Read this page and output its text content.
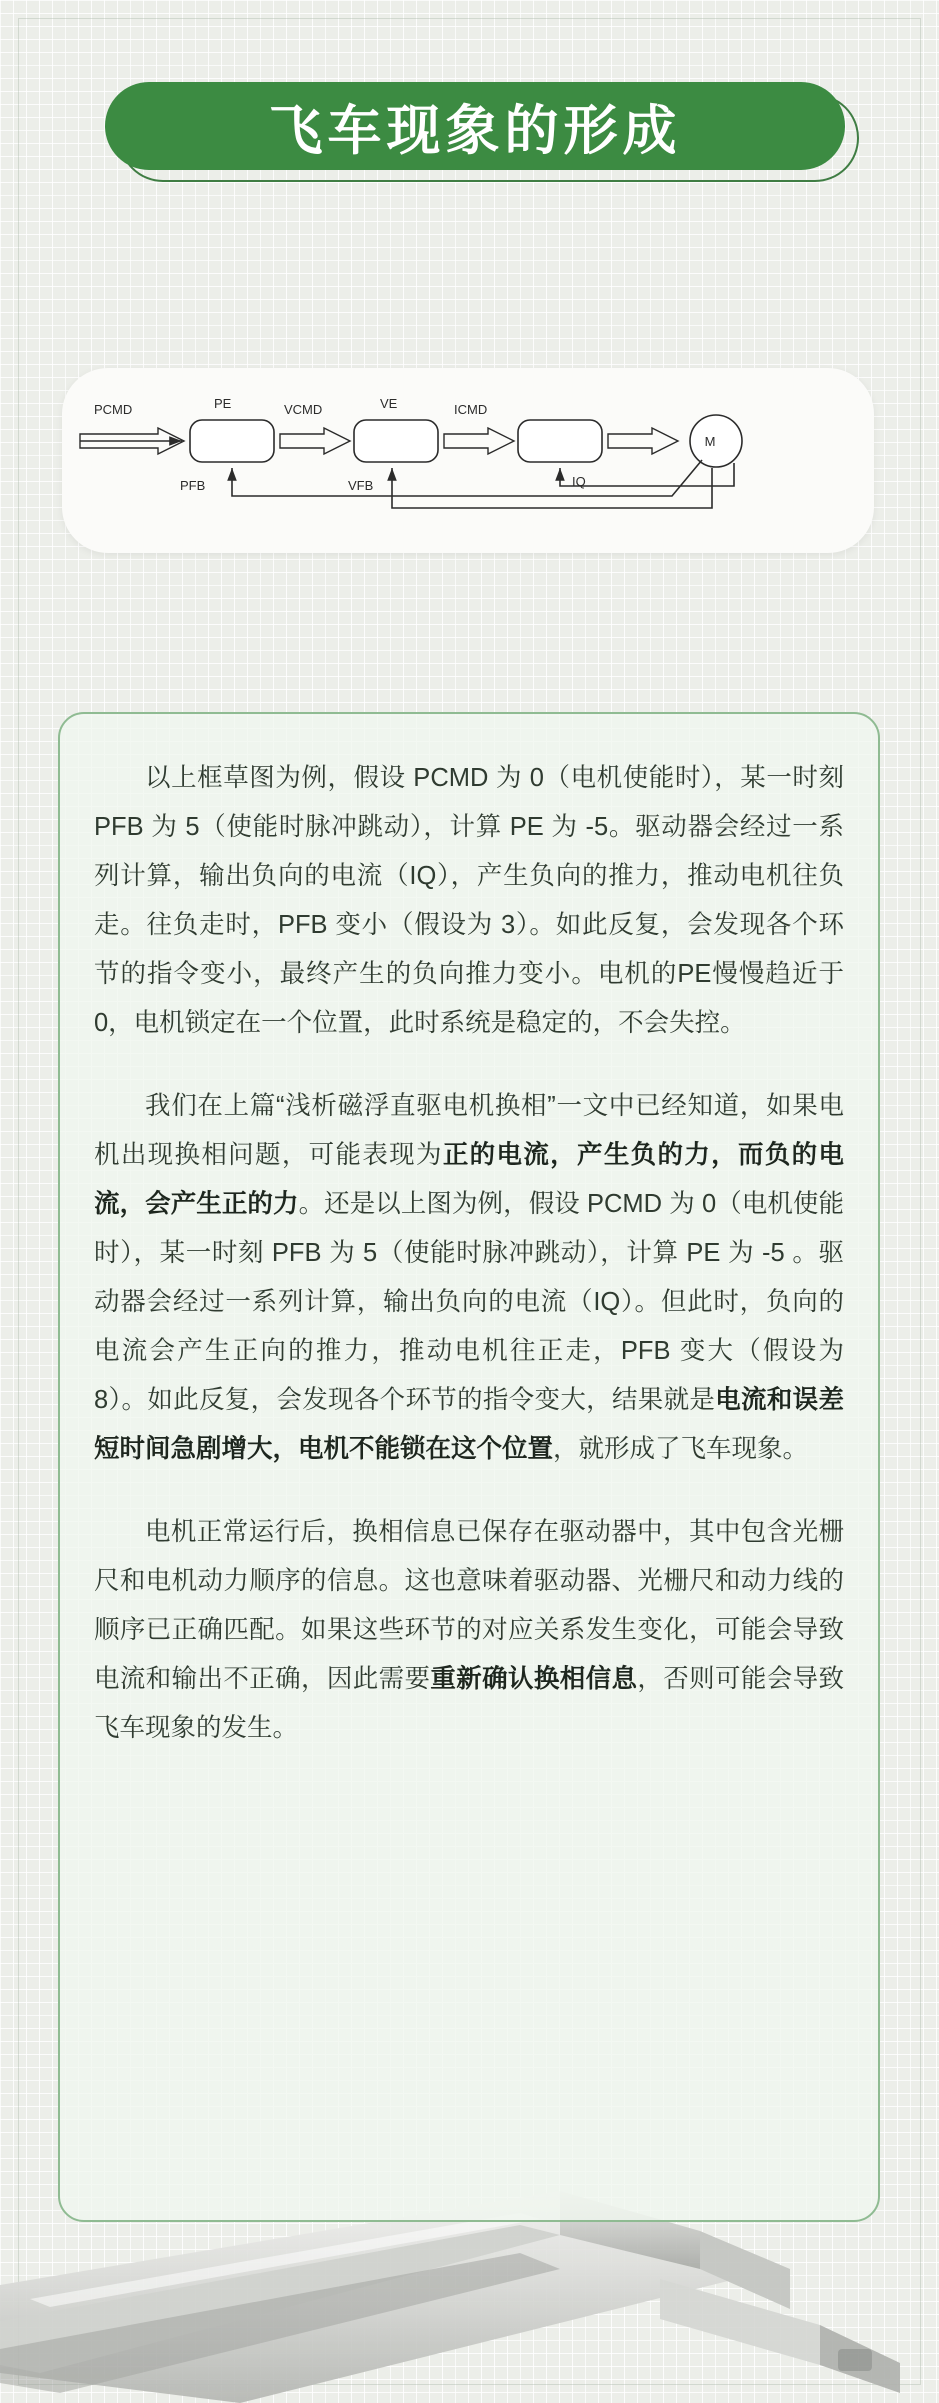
飞车现象的形成
PCMD	PE	VCMD	VE	ICMD
M
PFB	VFB	IQ

以上框草图为例，假设 PCMD 为 0（电机使能时），某一时刻 PFB 为 5（使能时脉冲跳动），计算 PE 为 -5。驱动器会经过一系列计算，输出负向的电流（IQ），产生负向的推力，推动电机往负走。往负走时，PFB 变小（假设为 3）。如此反复，会发现各个环节的指令变小，最终产生的负向推力变小。电机的PE慢慢趋近于 0，电机锁定在一个位置，此时系统是稳定的，不会失控。

我们在上篇“浅析磁浮直驱电机换相”一文中已经知道，如果电机出现换相问题，可能表现为正的电流，产生负的力，而负的电流，会产生正的力。还是以上图为例，假设 PCMD 为 0（电机使能时），某一时刻 PFB 为 5（使能时脉冲跳动），计算 PE 为 -5 。驱动器会经过一系列计算，输出负向的电流（IQ）。但此时，负向的电流会产生正向的推力，推动电机往正走，PFB 变大（假设为 8）。如此反复，会发现各个环节的指令变大，结果就是电流和误差短时间急剧增大，电机不能锁在这个位置，就形成了飞车现象。

电机正常运行后，换相信息已保存在驱动器中，其中包含光栅尺和电机动力顺序的信息。这也意味着驱动器、光栅尺和动力线的顺序已正确匹配。如果这些环节的对应关系发生变化，可能会导致电流和输出不正确，因此需要重新确认换相信息，否则可能会导致飞车现象的发生。
